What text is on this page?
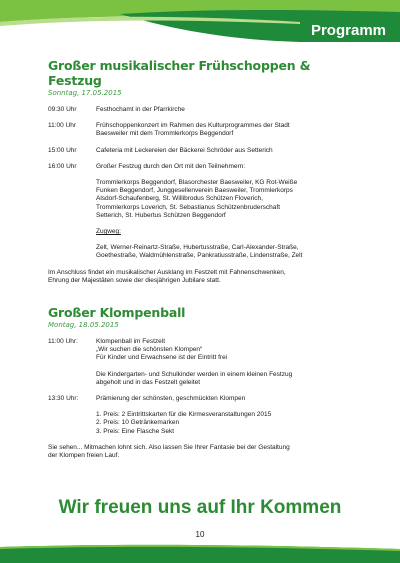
Programm
Großer musikalischer Frühschoppen & Festzug
Sonntag, 17.05.2015
09:30 Uhr	Festhochamt in der Pfarrkirche
11:00 Uhr	Frühschoppenkonzert im Rahmen des Kulturprogrammes der Stadt
Baesweiler mit dem Trommlerkorps Beggendorf
15:00 Uhr	Cafeteria mit Leckereien der Bäckerei Schröder aus Setterich
16:00 Uhr	Großer Festzug durch den Ort mit den Teilnehmern:
Trommlerkorps Beggendorf, Blasorchester Baesweiler, KG Rot-Weiße
Funken Beggendorf, Junggesellenverein Baesweiler, Trommlerkorps
Alsdorf-Schaufenberg, St. Willibrodus Schützen Floverich,
Trommlerkorps Loverich, St. Sebastianus Schützenbruderschaft
Setterich, St. Hubertus Schützen Beggendorf
Zugweg:
Zelt, Werner-Reinartz-Straße, Hubertusstraße, Carl-Alexander-Straße,
Goethestraße, Waldmühlenstraße, Pankratiusstraße, Lindenstraße, Zelt
Im Anschluss findet ein musikalischer Ausklang im Festzelt mit Fahnenschwenken,
Ehrung der Majestäten sowie der diesjährigen Jubilare statt.
Großer Klompenball
Montag, 18.05.2015
11:00 Uhr:	Klompenball im Festzelt
„Wir suchen die schönsten Klompen“
Für Kinder und Erwachsene ist der Eintritt frei
Die Kindergarten- und Schulkinder werden in einem kleinen Festzug
abgeholt und in das Festzelt geleitet
13:30 Uhr:	Prämierung der schönsten, geschmückten Klompen
1. Preis: 2 Eintrittskarten für die Kirmesveranstaltungen 2015
2. Preis: 10 Getränkemarken
3. Preis: Eine Flasche Sekt
Sie sehen... Mitmachen lohnt sich. Also lassen Sie Ihrer Fantasie bei der Gestaltung
der Klompen freien Lauf.
Wir freuen uns auf Ihr Kommen
10
